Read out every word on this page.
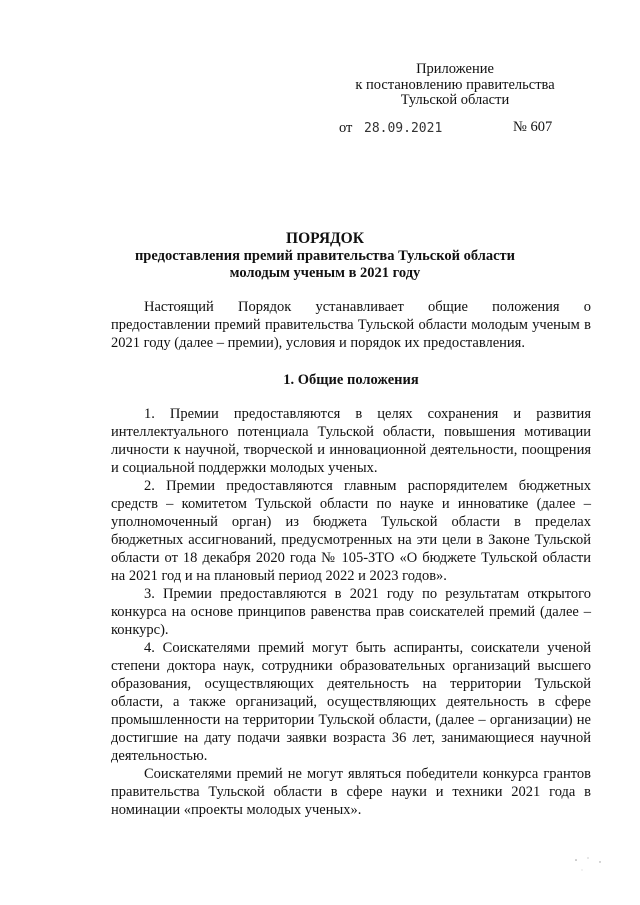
Приложение
к постановлению правительства
Тульской области
от 28.09.2021	№ 607
ПОРЯДОК
предоставления премий правительства Тульской области
молодым ученым в 2021 году

Настоящий Порядок устанавливает общие положения о предоставлении премий правительства Тульской области молодым ученым в 2021 году (далее – премии), условия и порядок их предоставления.

1. Общие положения

1. Премии предоставляются в целях сохранения и развития интеллектуального потенциала Тульской области, повышения мотивации личности к научной, творческой и инновационной деятельности, поощрения и социальной поддержки молодых ученых.

2. Премии предоставляются главным распорядителем бюджетных средств – комитетом Тульской области по науке и инноватике (далее – уполномоченный орган) из бюджета Тульской области в пределах бюджетных ассигнований, предусмотренных на эти цели в Законе Тульской области от 18 декабря 2020 года № 105-ЗТО «О бюджете Тульской области на 2021 год и на плановый период 2022 и 2023 годов».

3. Премии предоставляются в 2021 году по результатам открытого конкурса на основе принципов равенства прав соискателей премий (далее – конкурс).

4. Соискателями премий могут быть аспиранты, соискатели ученой степени доктора наук, сотрудники образовательных организаций высшего образования, осуществляющих деятельность на территории Тульской области, а также организаций, осуществляющих деятельность в сфере промышленности на территории Тульской области, (далее – организации) не достигшие на дату подачи заявки возраста 36 лет, занимающиеся научной деятельностью.

Соискателями премий не могут являться победители конкурса грантов правительства Тульской области в сфере науки и техники 2021 года в номинации «проекты молодых ученых».
